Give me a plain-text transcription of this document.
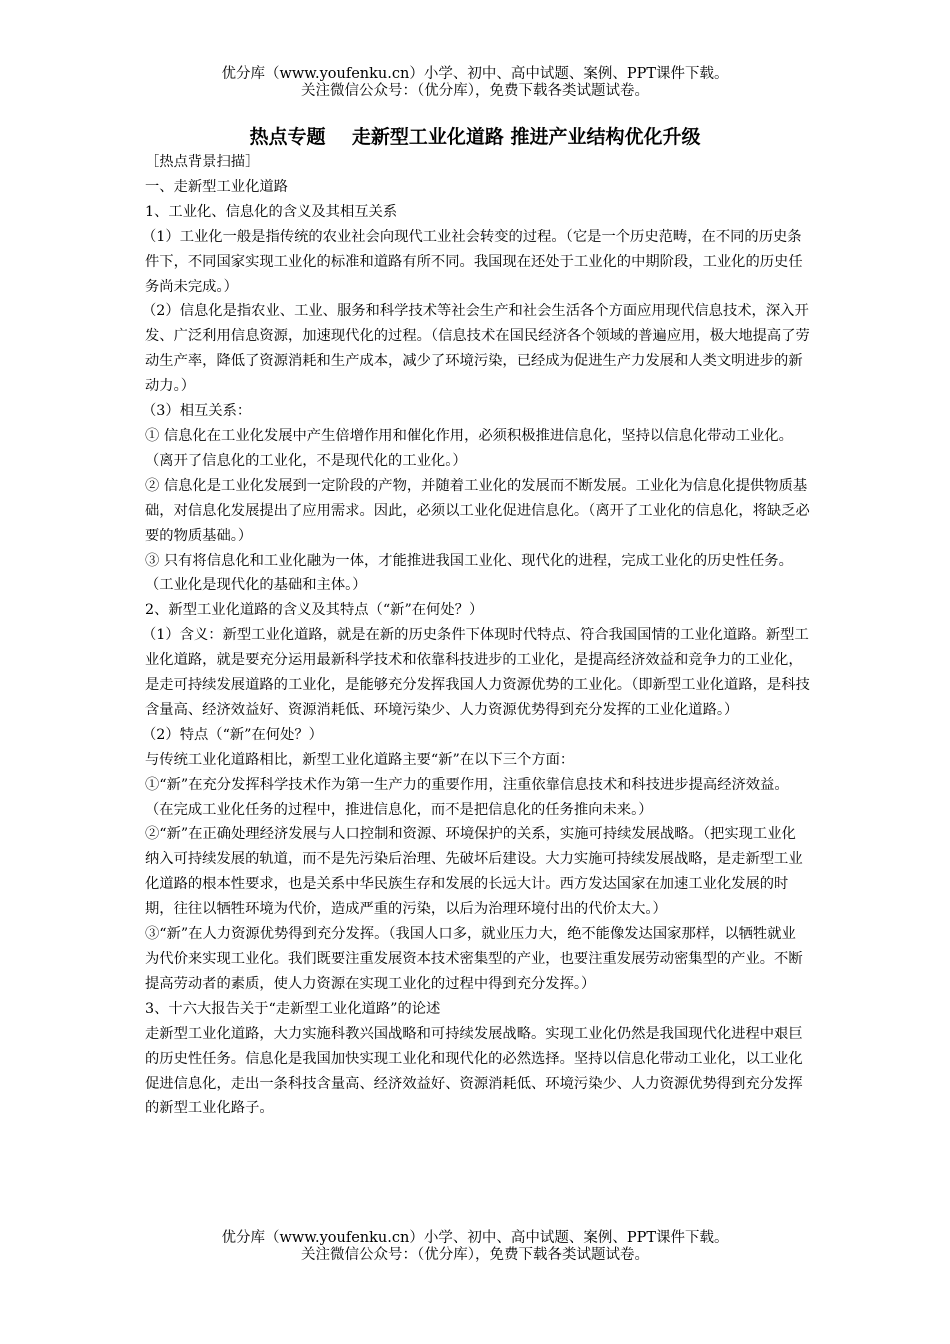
优分库（www.youfenku.cn）小学、初中、高中试题、案例、PPT课件下载。
关注微信公众号：（优分库），免费下载各类试题试卷。
热点专题    走新型工业化道路 推进产业结构优化升级

［热点背景扫描］

一、走新型工业化道路

1、工业化、信息化的含义及其相互关系

（1）工业化一般是指传统的农业社会向现代工业社会转变的过程。（它是一个历史范畴，在不同的历史条件下，不同国家实现工业化的标准和道路有所不同。我国现在还处于工业化的中期阶段，工业化的历史任务尚未完成。）

（2）信息化是指农业、工业、服务和科学技术等社会生产和社会生活各个方面应用现代信息技术，深入开发、广泛利用信息资源，加速现代化的过程。（信息技术在国民经济各个领域的普遍应用，极大地提高了劳动生产率，降低了资源消耗和生产成本，减少了环境污染，已经成为促进生产力发展和人类文明进步的新动力。）

（3）相互关系：

① 信息化在工业化发展中产生倍增作用和催化作用，必须积极推进信息化，坚持以信息化带动工业化。（离开了信息化的工业化，不是现代化的工业化。）

② 信息化是工业化发展到一定阶段的产物，并随着工业化的发展而不断发展。工业化为信息化提供物质基础，对信息化发展提出了应用需求。因此，必须以工业化促进信息化。（离开了工业化的信息化，将缺乏必要的物质基础。）

③ 只有将信息化和工业化融为一体，才能推进我国工业化、现代化的进程，完成工业化的历史性任务。（工业化是现代化的基础和主体。）

2、新型工业化道路的含义及其特点（“新”在何处？）

（1）含义：新型工业化道路，就是在新的历史条件下体现时代特点、符合我国国情的工业化道路。新型工业化道路，就是要充分运用最新科学技术和依靠科技进步的工业化，是提高经济效益和竞争力的工业化，是走可持续发展道路的工业化，是能够充分发挥我国人力资源优势的工业化。（即新型工业化道路，是科技含量高、经济效益好、资源消耗低、环境污染少、人力资源优势得到充分发挥的工业化道路。）

（2）特点（“新”在何处？）

与传统工业化道路相比，新型工业化道路主要“新”在以下三个方面：

①“新”在充分发挥科学技术作为第一生产力的重要作用，注重依靠信息技术和科技进步提高经济效益。（在完成工业化任务的过程中，推进信息化，而不是把信息化的任务推向未来。）

②“新”在正确处理经济发展与人口控制和资源、环境保护的关系，实施可持续发展战略。（把实现工业化纳入可持续发展的轨道，而不是先污染后治理、先破坏后建设。大力实施可持续发展战略，是走新型工业化道路的根本性要求，也是关系中华民族生存和发展的长远大计。西方发达国家在加速工业化发展的时期，往往以牺牲环境为代价，造成严重的污染，以后为治理环境付出的代价太大。）

③“新”在人力资源优势得到充分发挥。（我国人口多，就业压力大，绝不能像发达国家那样，以牺牲就业为代价来实现工业化。我们既要注重发展资本技术密集型的产业，也要注重发展劳动密集型的产业。不断提高劳动者的素质，使人力资源在实现工业化的过程中得到充分发挥。）

3、十六大报告关于“走新型工业化道路”的论述

走新型工业化道路，大力实施科教兴国战略和可持续发展战略。实现工业化仍然是我国现代化进程中艰巨的历史性任务。信息化是我国加快实现工业化和现代化的必然选择。坚持以信息化带动工业化，以工业化促进信息化，走出一条科技含量高、经济效益好、资源消耗低、环境污染少、人力资源优势得到充分发挥的新型工业化路子。

优分库（www.youfenku.cn）小学、初中、高中试题、案例、PPT课件下载。
关注微信公众号：（优分库），免费下载各类试题试卷。
